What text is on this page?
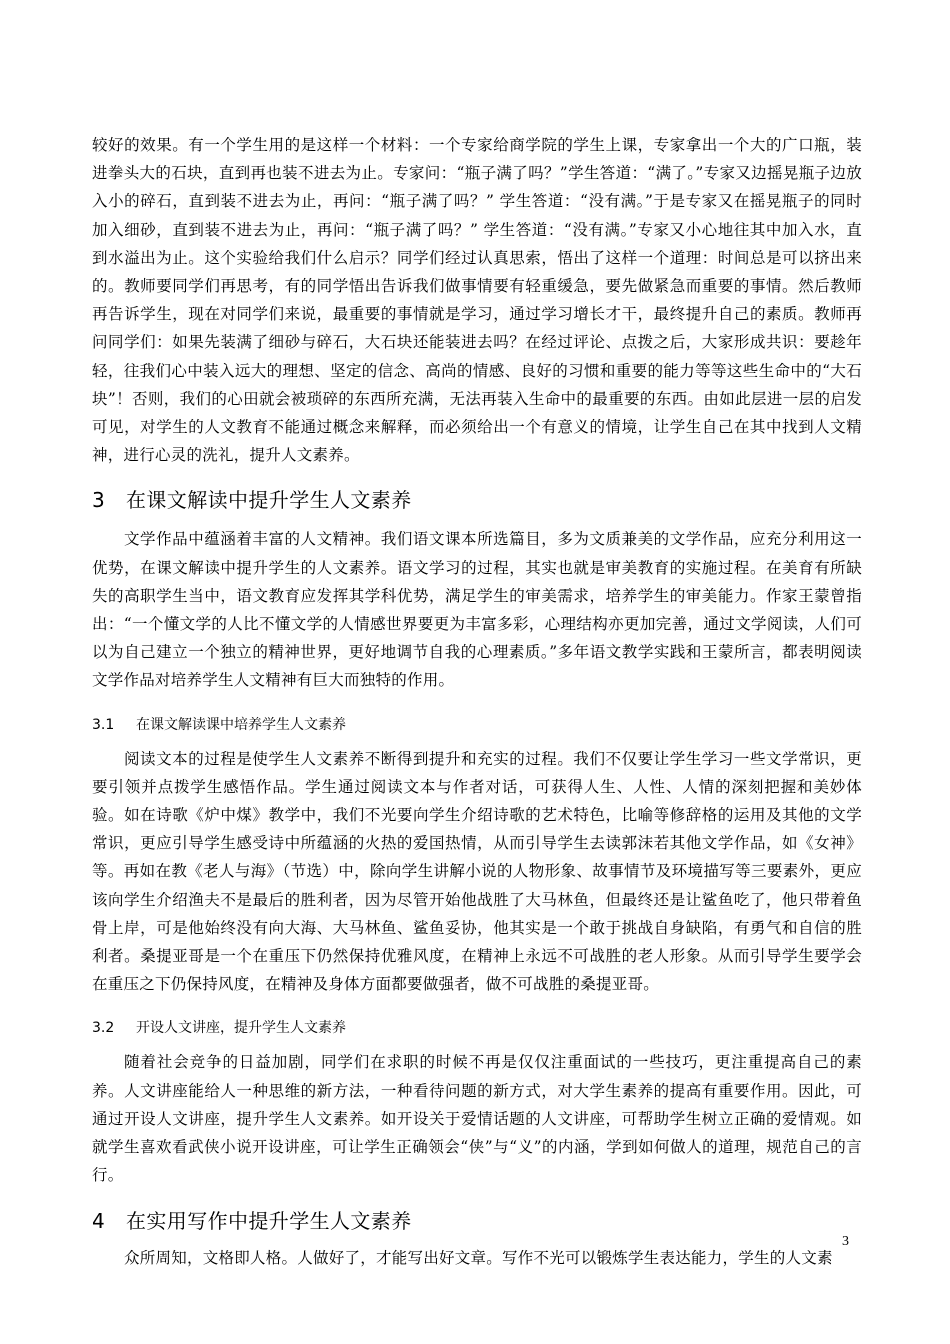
较好的效果。有一个学生用的是这样一个材料：一个专家给商学院的学生上课，专家拿出一个大的广口瓶，装进拳头大的石块，直到再也装不进去为止。专家问：“瓶子满了吗？”学生答道：“满了。”专家又边摇晃瓶子边放入小的碎石，直到装不进去为止，再问：“瓶子满了吗？” 学生答道：“没有满。”于是专家又在摇晃瓶子的同时加入细砂，直到装不进去为止，再问：“瓶子满了吗？” 学生答道：“没有满。”专家又小心地往其中加入水，直到水溢出为止。这个实验给我们什么启示？同学们经过认真思索，悟出了这样一个道理：时间总是可以挤出来的。教师要同学们再思考，有的同学悟出告诉我们做事情要有轻重缓急，要先做紧急而重要的事情。然后教师再告诉学生，现在对同学们来说，最重要的事情就是学习，通过学习增长才干，最终提升自己的素质。教师再问同学们：如果先装满了细砂与碎石，大石块还能装进去吗？在经过评论、点拨之后，大家形成共识：要趁年轻，往我们心中装入远大的理想、坚定的信念、高尚的情感、良好的习惯和重要的能力等等这些生命中的“大石块”！否则，我们的心田就会被琐碎的东西所充满，无法再装入生命中的最重要的东西。由如此层进一层的启发可见，对学生的人文教育不能通过概念来解释，而必须给出一个有意义的情境，让学生自己在其中找到人文精神，进行心灵的洗礼，提升人文素养。

3 在课文解读中提升学生人文素养

文学作品中蕴涵着丰富的人文精神。我们语文课本所选篇目，多为文质兼美的文学作品，应充分利用这一优势，在课文解读中提升学生的人文素养。语文学习的过程，其实也就是审美教育的实施过程。在美育有所缺失的高职学生当中，语文教育应发挥其学科优势，满足学生的审美需求，培养学生的审美能力。作家王蒙曾指出：“一个懂文学的人比不懂文学的人情感世界要更为丰富多彩，心理结构亦更加完善，通过文学阅读，人们可以为自己建立一个独立的精神世界，更好地调节自我的心理素质。”多年语文教学实践和王蒙所言，都表明阅读文学作品对培养学生人文精神有巨大而独特的作用。

3.1 在课文解读课中培养学生人文素养

阅读文本的过程是使学生人文素养不断得到提升和充实的过程。我们不仅要让学生学习一些文学常识，更要引领并点拨学生感悟作品。学生通过阅读文本与作者对话，可获得人生、人性、人情的深刻把握和美妙体验。如在诗歌《炉中煤》教学中，我们不光要向学生介绍诗歌的艺术特色，比喻等修辞格的运用及其他的文学常识，更应引导学生感受诗中所蕴涵的火热的爱国热情，从而引导学生去读郭沫若其他文学作品，如《女神》等。再如在教《老人与海》（节选）中，除向学生讲解小说的人物形象、故事情节及环境描写等三要素外，更应该向学生介绍渔夫不是最后的胜利者，因为尽管开始他战胜了大马林鱼，但最终还是让鲨鱼吃了，他只带着鱼骨上岸，可是他始终没有向大海、大马林鱼、鲨鱼妥协，他其实是一个敢于挑战自身缺陷，有勇气和自信的胜利者。桑提亚哥是一个在重压下仍然保持优雅风度，在精神上永远不可战胜的老人形象。从而引导学生要学会在重压之下仍保持风度，在精神及身体方面都要做强者，做不可战胜的桑提亚哥。

3.2 开设人文讲座，提升学生人文素养

随着社会竞争的日益加剧，同学们在求职的时候不再是仅仅注重面试的一些技巧，更注重提高自己的素养。人文讲座能给人一种思维的新方法，一种看待问题的新方式，对大学生素养的提高有重要作用。因此，可通过开设人文讲座，提升学生人文素养。如开设关于爱情话题的人文讲座，可帮助学生树立正确的爱情观。如就学生喜欢看武侠小说开设讲座，可让学生正确领会“侠”与“义”的内涵，学到如何做人的道理，规范自己的言行。

4 在实用写作中提升学生人文素养

众所周知，文格即人格。人做好了，才能写出好文章。写作不光可以锻炼学生表达能力，学生的人文素

3
